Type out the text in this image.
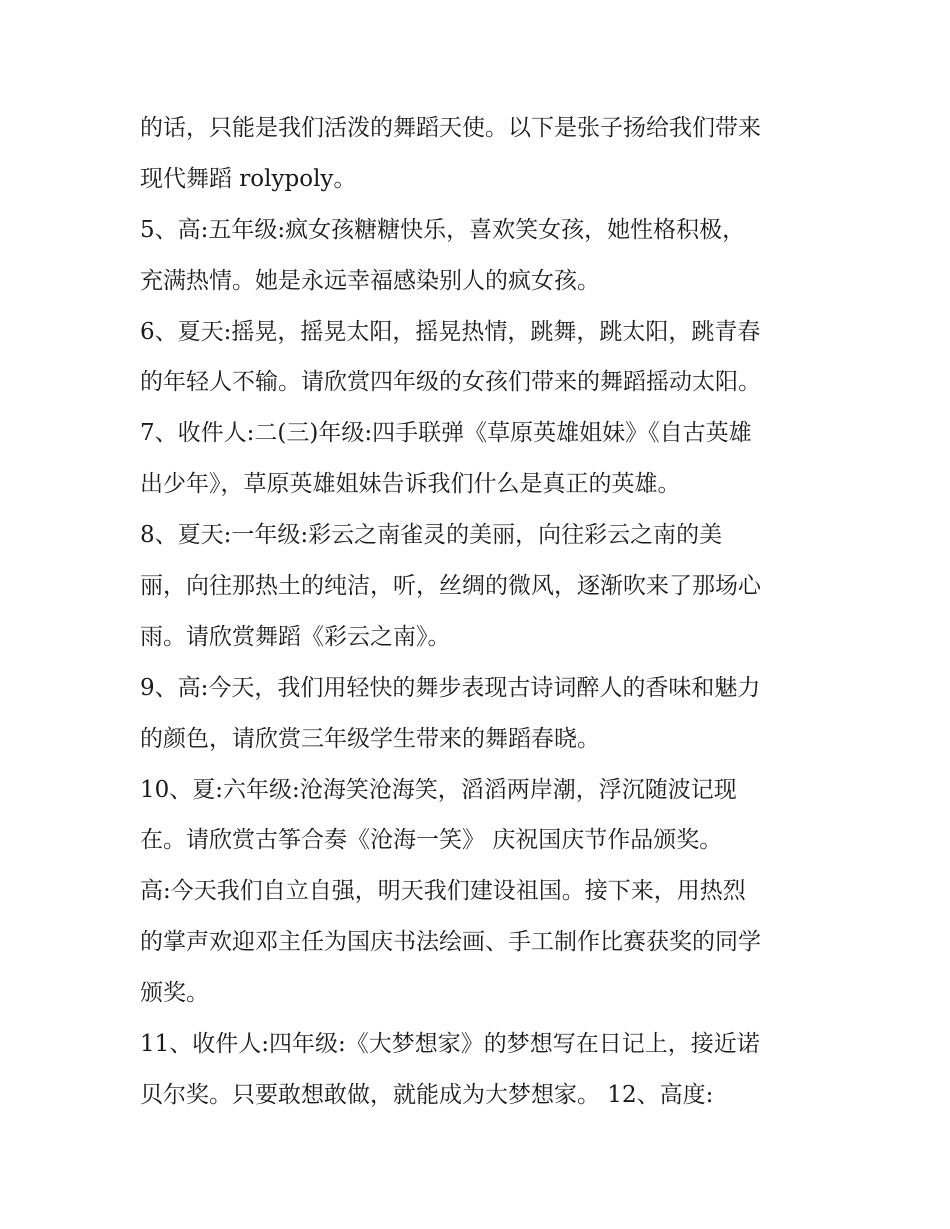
的话，只能是我们活泼的舞蹈天使。以下是张子扬给我们带来
现代舞蹈 rolypoly。
5、高:五年级:疯女孩糖糖快乐，喜欢笑女孩，她性格积极，
充满热情。她是永远幸福感染别人的疯女孩。
6、夏天:摇晃，摇晃太阳，摇晃热情，跳舞，跳太阳，跳青春
的年轻人不输。请欣赏四年级的女孩们带来的舞蹈摇动太阳。
7、收件人:二(三)年级:四手联弹《草原英雄姐妹》《自古英雄
出少年》，草原英雄姐妹告诉我们什么是真正的英雄。
8、夏天:一年级:彩云之南雀灵的美丽，向往彩云之南的美
丽，向往那热土的纯洁，听，丝绸的微风，逐渐吹来了那场心
雨。请欣赏舞蹈《彩云之南》。
9、高:今天，我们用轻快的舞步表现古诗词醉人的香味和魅力
的颜色，请欣赏三年级学生带来的舞蹈春晓。
10、夏:六年级:沧海笑沧海笑，滔滔两岸潮，浮沉随波记现
在。请欣赏古筝合奏《沧海一笑》 庆祝国庆节作品颁奖。
高:今天我们自立自强，明天我们建设祖国。接下来，用热烈
的掌声欢迎邓主任为国庆书法绘画、手工制作比赛获奖的同学
颁奖。
11、收件人:四年级:《大梦想家》的梦想写在日记上，接近诺
贝尔奖。只要敢想敢做，就能成为大梦想家。 12、高度:
